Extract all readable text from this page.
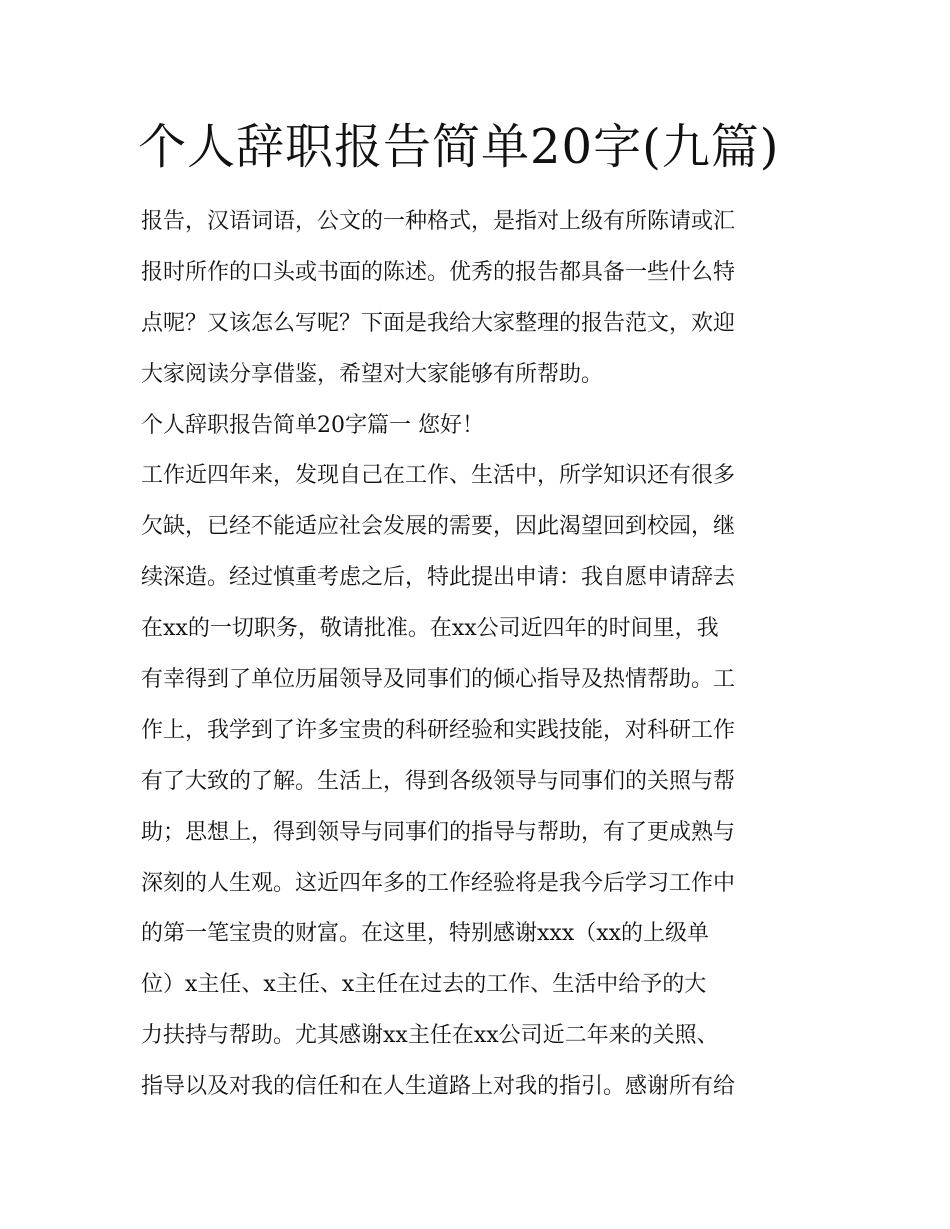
个人辞职报告简单20字(九篇)
报告，汉语词语，公文的一种格式，是指对上级有所陈请或汇
报时所作的口头或书面的陈述。优秀的报告都具备一些什么特
点呢？又该怎么写呢？下面是我给大家整理的报告范文，欢迎
大家阅读分享借鉴，希望对大家能够有所帮助。
个人辞职报告简单20字篇一 您好！
工作近四年来，发现自己在工作、生活中，所学知识还有很多
欠缺，已经不能适应社会发展的需要，因此渴望回到校园，继
续深造。经过慎重考虑之后，特此提出申请：我自愿申请辞去
在xx的一切职务，敬请批准。在xx公司近四年的时间里，我
有幸得到了单位历届领导及同事们的倾心指导及热情帮助。工
作上，我学到了许多宝贵的科研经验和实践技能，对科研工作
有了大致的了解。生活上，得到各级领导与同事们的关照与帮
助；思想上，得到领导与同事们的指导与帮助，有了更成熟与
深刻的人生观。这近四年多的工作经验将是我今后学习工作中
的第一笔宝贵的财富。在这里，特别感谢xxx（xx的上级单
位）x主任、x主任、x主任在过去的工作、生活中给予的大
力扶持与帮助。尤其感谢xx主任在xx公司近二年来的关照、
指导以及对我的信任和在人生道路上对我的指引。感谢所有给
